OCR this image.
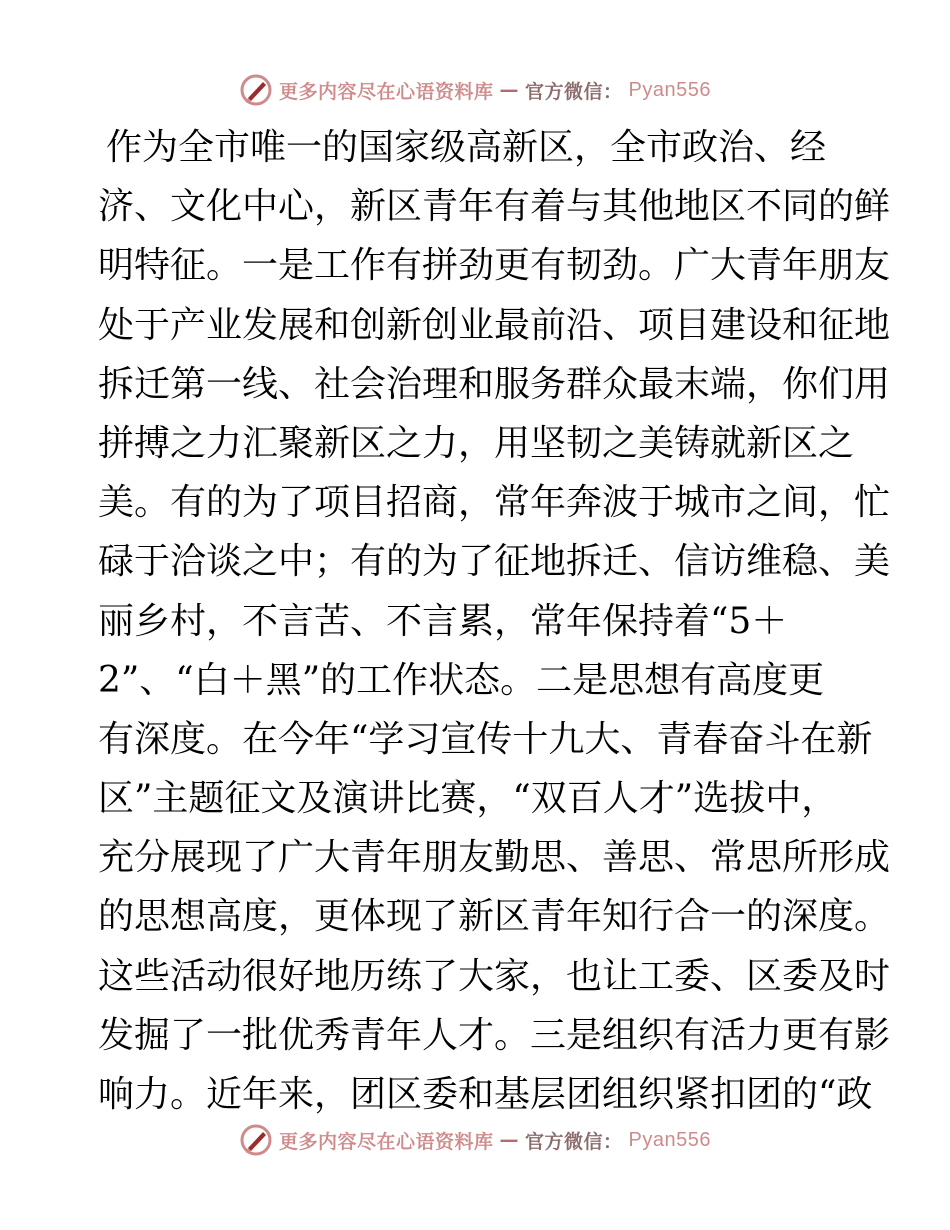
更多内容尽在心语资料库 — 官方微信： Pyan556
作为全市唯一的国家级高新区，全市政治、经
济、文化中心，新区青年有着与其他地区不同的鲜
明特征。一是工作有拼劲更有韧劲。广大青年朋友
处于产业发展和创新创业最前沿、项目建设和征地
拆迁第一线、社会治理和服务群众最末端，你们用
拼搏之力汇聚新区之力，用坚韧之美铸就新区之
美。有的为了项目招商，常年奔波于城市之间，忙
碌于洽谈之中；有的为了征地拆迁、信访维稳、美
丽乡村，不言苦、不言累，常年保持着“5＋
2”、“白＋黑”的工作状态。二是思想有高度更
有深度。在今年“学习宣传十九大、青春奋斗在新
区”主题征文及演讲比赛，“双百人才”选拔中，
充分展现了广大青年朋友勤思、善思、常思所形成
的思想高度，更体现了新区青年知行合一的深度。
这些活动很好地历练了大家，也让工委、区委及时
发掘了一批优秀青年人才。三是组织有活力更有影
响力。近年来，团区委和基层团组织紧扣团的“政
更多内容尽在心语资料库 — 官方微信： Pyan556
